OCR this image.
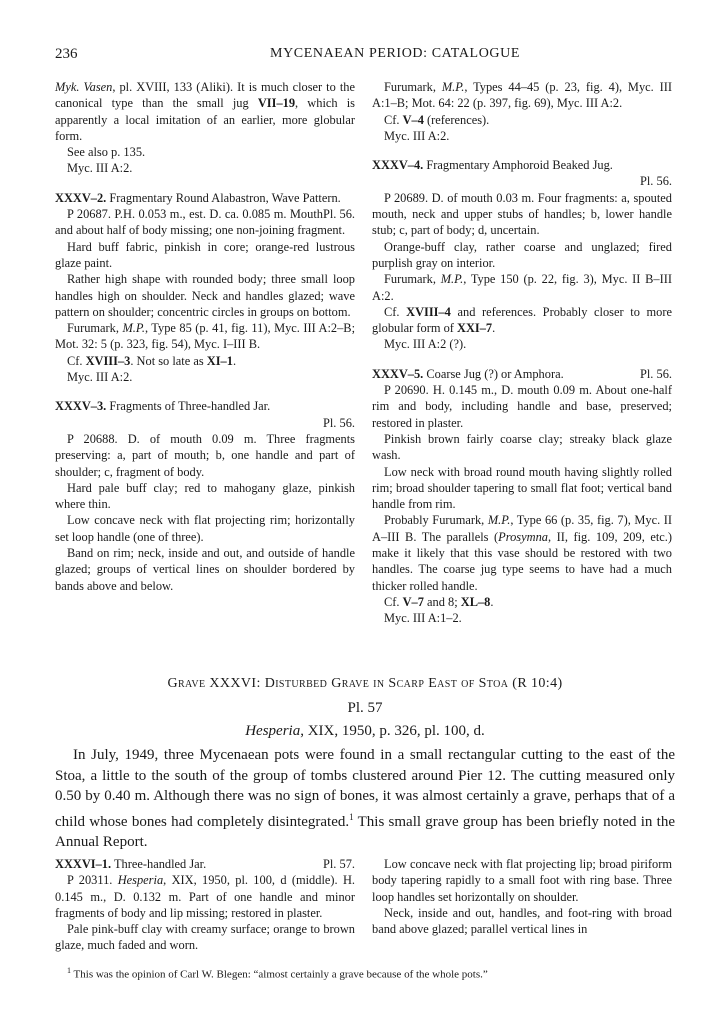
236	MYCENAEAN PERIOD: CATALOGUE

Myk. Vasen, pl. XVIII, 133 (Aliki). It is much closer to the canonical type than the small jug VII–19, which is apparently a local imitation of an earlier, more globular form.

See also p. 135.

Myc. III A:2.

XXXV–2. Fragmentary Round Alabastron, Wave Pattern.
Pl. 56.

P 20687. P.H. 0.053 m., est. D. ca. 0.085 m. Mouth and about half of body missing; one non-joining fragment.

Hard buff fabric, pinkish in core; orange-red lustrous glaze paint.

Rather high shape with rounded body; three small loop handles high on shoulder. Neck and handles glazed; wave pattern on shoulder; concentric circles in groups on bottom.

Furumark, M.P., Type 85 (p. 41, fig. 11), Myc. III A:2–B; Mot. 32: 5 (p. 323, fig. 54), Myc. I–III B.

Cf. XVIII–3. Not so late as XI–1.

Myc. III A:2.

XXXV–3. Fragments of Three-handled Jar.

Pl. 56.

P 20688. D. of mouth 0.09 m. Three fragments preserving: a, part of mouth; b, one handle and part of shoulder; c, fragment of body.

Hard pale buff clay; red to mahogany glaze, pinkish where thin.

Low concave neck with flat projecting rim; horizontally set loop handle (one of three).

Band on rim; neck, inside and out, and outside of handle glazed; groups of vertical lines on shoulder bordered by bands above and below.

Furumark, M.P., Types 44–45 (p. 23, fig. 4), Myc. III A:1–B; Mot. 64: 22 (p. 397, fig. 69), Myc. III A:2.

Cf. V–4 (references).

Myc. III A:2.

XXXV–4. Fragmentary Amphoroid Beaked Jug.

Pl. 56.

P 20689. D. of mouth 0.03 m. Four fragments: a, spouted mouth, neck and upper stubs of handles; b, lower handle stub; c, part of body; d, uncertain.

Orange-buff clay, rather coarse and unglazed; fired purplish gray on interior.

Furumark, M.P., Type 150 (p. 22, fig. 3), Myc. II B–III A:2.

Cf. XVIII–4 and references. Probably closer to more globular form of XXI–7.

Myc. III A:2 (?).

XXXV–5. Coarse Jug (?) or Amphora.	Pl. 56.

P 20690. H. 0.145 m., D. mouth 0.09 m. About one-half rim and body, including handle and base, preserved; restored in plaster.

Pinkish brown fairly coarse clay; streaky black glaze wash.

Low neck with broad round mouth having slightly rolled rim; broad shoulder tapering to small flat foot; vertical band handle from rim.

Probably Furumark, M.P., Type 66 (p. 35, fig. 7), Myc. II A–III B. The parallels (Prosymna, II, fig. 109, 209, etc.) make it likely that this vase should be restored with two handles. The coarse jug type seems to have had a much thicker rolled handle.

Cf. V–7 and 8; XL–8.

Myc. III A:1–2.

Grave XXXVI: Disturbed Grave in Scarp East of Stoa (R 10:4)
Pl. 57
Hesperia, XIX, 1950, p. 326, pl. 100, d.

In July, 1949, three Mycenaean pots were found in a small rectangular cutting to the east of the Stoa, a little to the south of the group of tombs clustered around Pier 12. The cutting measured only 0.50 by 0.40 m. Although there was no sign of bones, it was almost certainly a grave, perhaps that of a child whose bones had completely disintegrated.$^1$ This small grave group has been briefly noted in the Annual Report.

XXXVI–1. Three-handled Jar.	Pl. 57.

P 20311. Hesperia, XIX, 1950, pl. 100, d (middle). H. 0.145 m., D. 0.132 m. Part of one handle and minor fragments of body and lip missing; restored in plaster.

Pale pink-buff clay with creamy surface; orange to brown glaze, much faded and worn.

Low concave neck with flat projecting lip; broad piriform body tapering rapidly to a small foot with ring base. Three loop handles set horizontally on shoulder.

Neck, inside and out, handles, and foot-ring with broad band above glazed; parallel vertical lines in

$^1$ This was the opinion of Carl W. Blegen: “almost certainly a grave because of the whole pots.”
